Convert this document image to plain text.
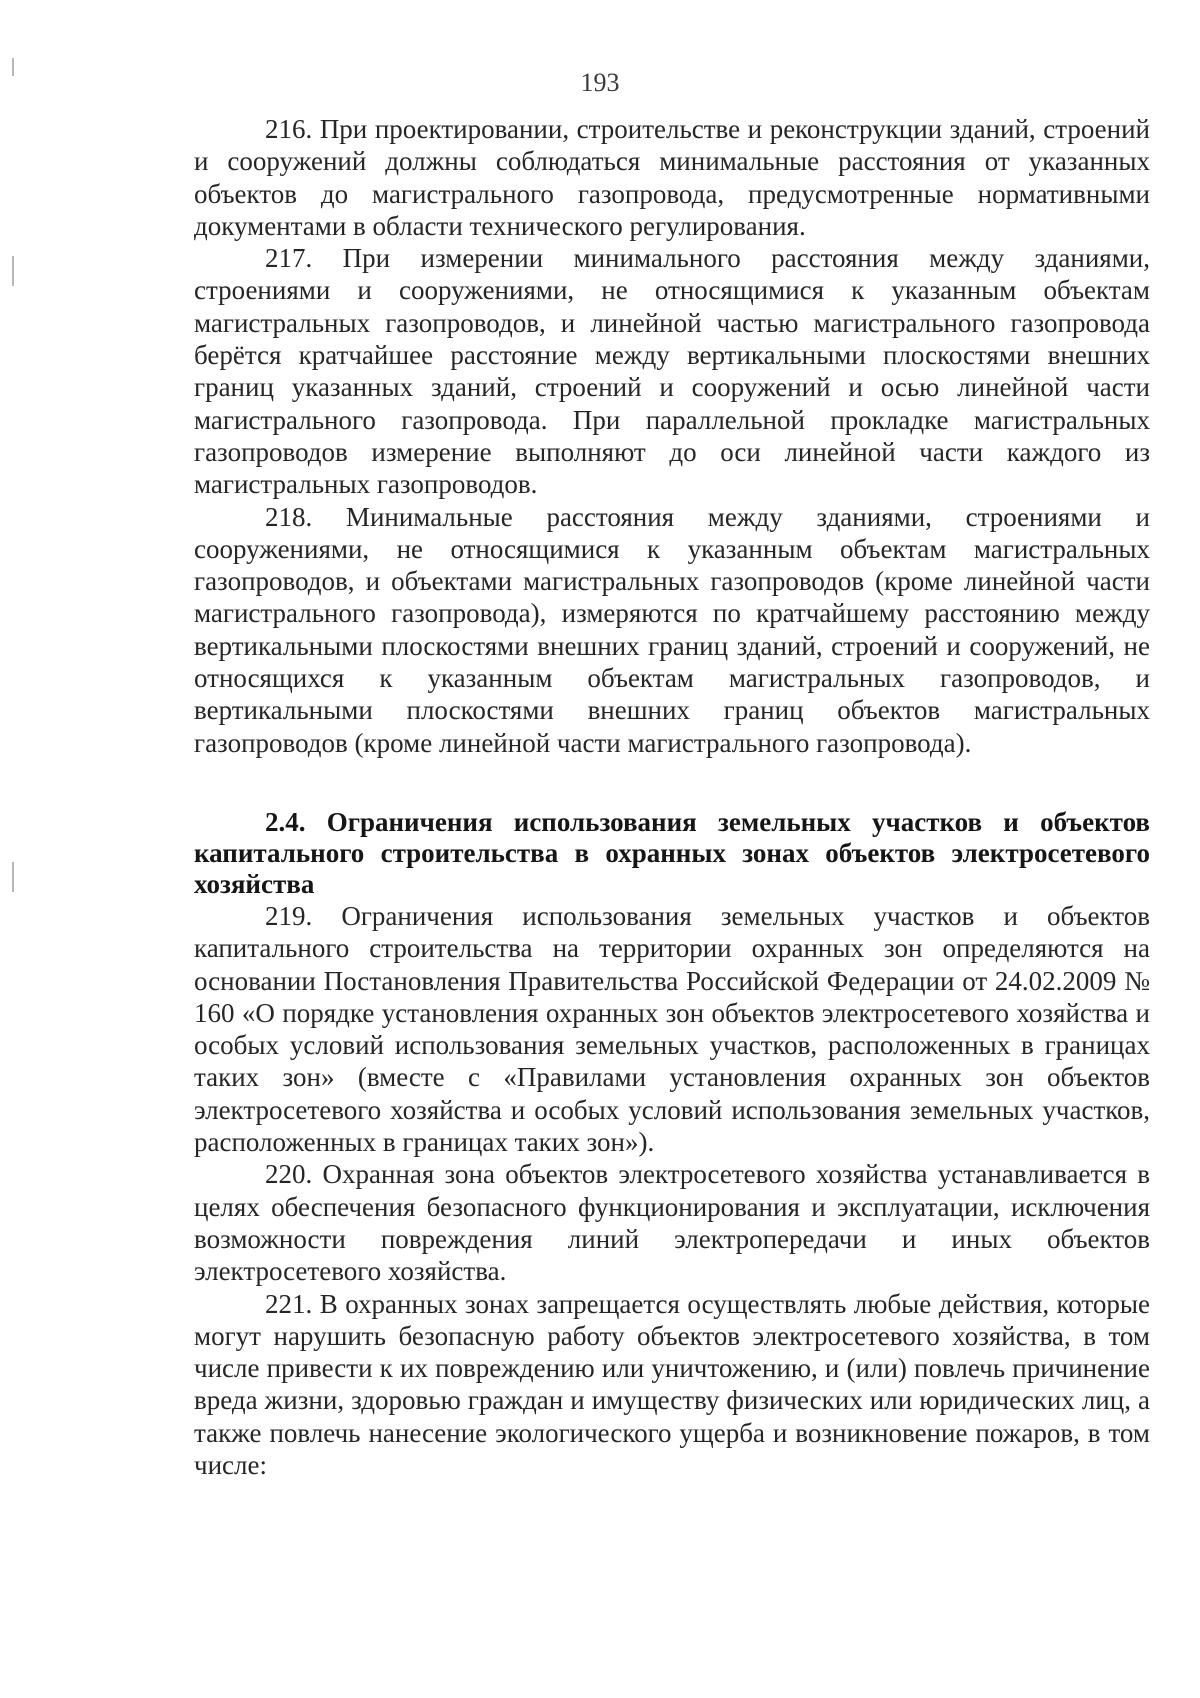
193

216. При проектировании, строительстве и реконструкции зданий, строений и сооружений должны соблюдаться минимальные расстояния от указанных объектов до магистрального газопровода, предусмотренные нормативными документами в области технического регулирования.

217. При измерении минимального расстояния между зданиями, строениями и сооружениями, не относящимися к указанным объектам магистральных газопроводов, и линейной частью магистрального газопровода берётся кратчайшее расстояние между вертикальными плоскостями внешних границ указанных зданий, строений и сооружений и осью линейной части магистрального газопровода. При параллельной прокладке магистральных газопроводов измерение выполняют до оси линейной части каждого из магистральных газопроводов.

218. Минимальные расстояния между зданиями, строениями и сооружениями, не относящимися к указанным объектам магистральных газопроводов, и объектами магистральных газопроводов (кроме линейной части магистрального газопровода), измеряются по кратчайшему расстоянию между вертикальными плоскостями внешних границ зданий, строений и сооружений, не относящихся к указанным объектам магистральных газопроводов, и вертикальными плоскостями внешних границ объектов магистральных газопроводов (кроме линейной части магистрального газопровода).

2.4. Ограничения использования земельных участков и объектов капитального строительства в охранных зонах объектов электросетевого хозяйства

219. Ограничения использования земельных участков и объектов капитального строительства на территории охранных зон определяются на основании Постановления Правительства Российской Федерации от 24.02.2009 № 160 «О порядке установления охранных зон объектов электросетевого хозяйства и особых условий использования земельных участков, расположенных в границах таких зон» (вместе с «Правилами установления охранных зон объектов электросетевого хозяйства и особых условий использования земельных участков, расположенных в границах таких зон»).

220. Охранная зона объектов электросетевого хозяйства устанавливается в целях обеспечения безопасного функционирования и эксплуатации, исключения возможности повреждения линий электропередачи и иных объектов электросетевого хозяйства.

221. В охранных зонах запрещается осуществлять любые действия, которые могут нарушить безопасную работу объектов электросетевого хозяйства, в том числе привести к их повреждению или уничтожению, и (или) повлечь причинение вреда жизни, здоровью граждан и имуществу физических или юридических лиц, а также повлечь нанесение экологического ущерба и возникновение пожаров, в том числе:
